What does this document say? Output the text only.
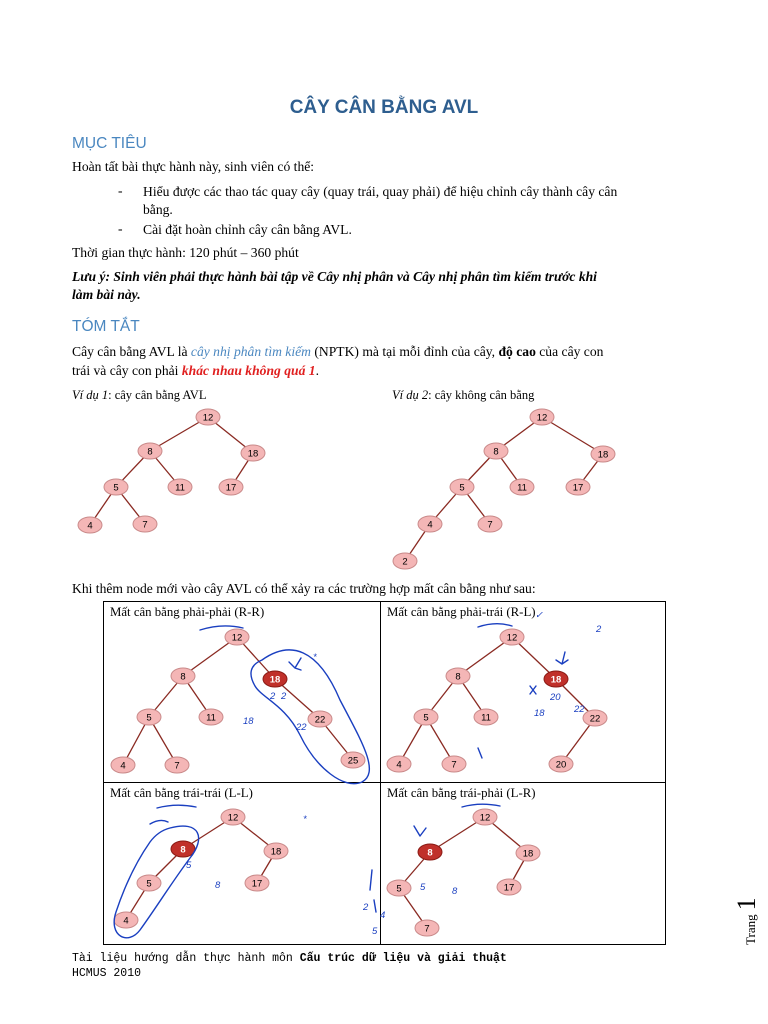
CÂY CÂN BẰNG AVL
MỤC TIÊU
Hoàn tất bài thực hành này, sinh viên có thể:
- Hiểu được các thao tác quay cây (quay trái, quay phải) để hiệu chỉnh cây thành cây cân
bằng.
- Cài đặt hoàn chỉnh cây cân bằng AVL.
Thời gian thực hành: 120 phút – 360 phút
Lưu ý: Sinh viên phải thực hành bài tập về Cây nhị phân và Cây nhị phân tìm kiếm trước khi
làm bài này.
TÓM TẮT
Cây cân bằng AVL là cây nhị phân tìm kiếm (NPTK) mà tại mỗi đỉnh của cây, độ cao của cây con
trái và cây con phải khác nhau không quá 1.
Ví dụ 1: cây cân bằng AVL	Ví dụ 2: cây không cân bằng
12
8	18
5	11	17
4	7
12
8	18
5	11	17
4	7
2
12
8	18
5	11	22
4	7	25
12
8	18
5	11	22
4	7	20
12
8	18
5	17
4
12
8	18
5	17
7
Khi thêm node mới vào cây AVL có thể xảy ra các trường hợp mất cân bằng như sau:
Mất cân bằng phải-phải (R-R)	Mất cân bằng phải-trái (R-L)
Mất cân bằng trái-trái (L-L)	Mất cân bằng trái-phải (L-R)
*
2 2
18
22
✓
2
20
18	22
*
5
8	5	8
2
4
5
Tài liệu hướng dẫn thực hành môn Cấu trúc dữ liệu và giải thuật
HCMUS 2010
Trang 1
